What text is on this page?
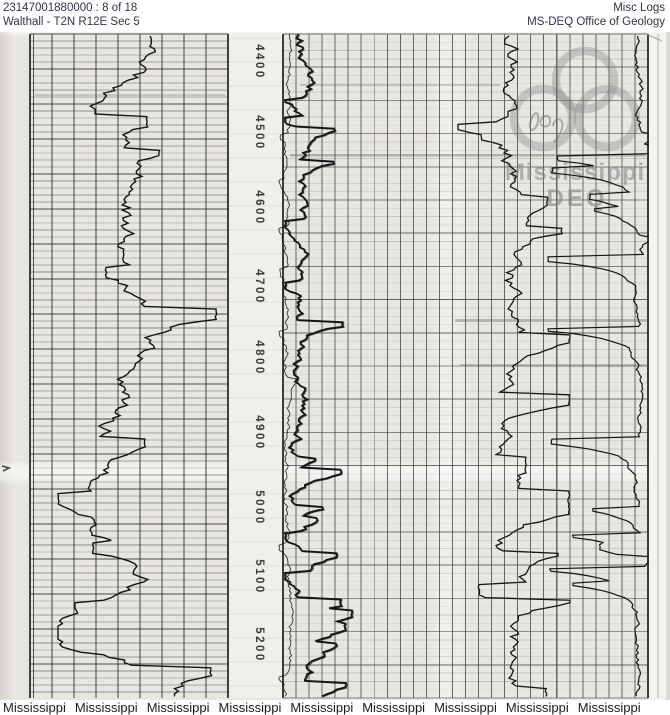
23147001880000 : 8 of 18
Walthall - T2N R12E Sec 5
Misc Logs
MS-DEQ Office of Geology
Mississippi
DEQ
4400
4500
4600
4700
4800
4900
5000
5100
5200
Mississippi Mississippi Mississippi Mississippi Mississippi Mississippi Mississippi Mississippi Mississippi
